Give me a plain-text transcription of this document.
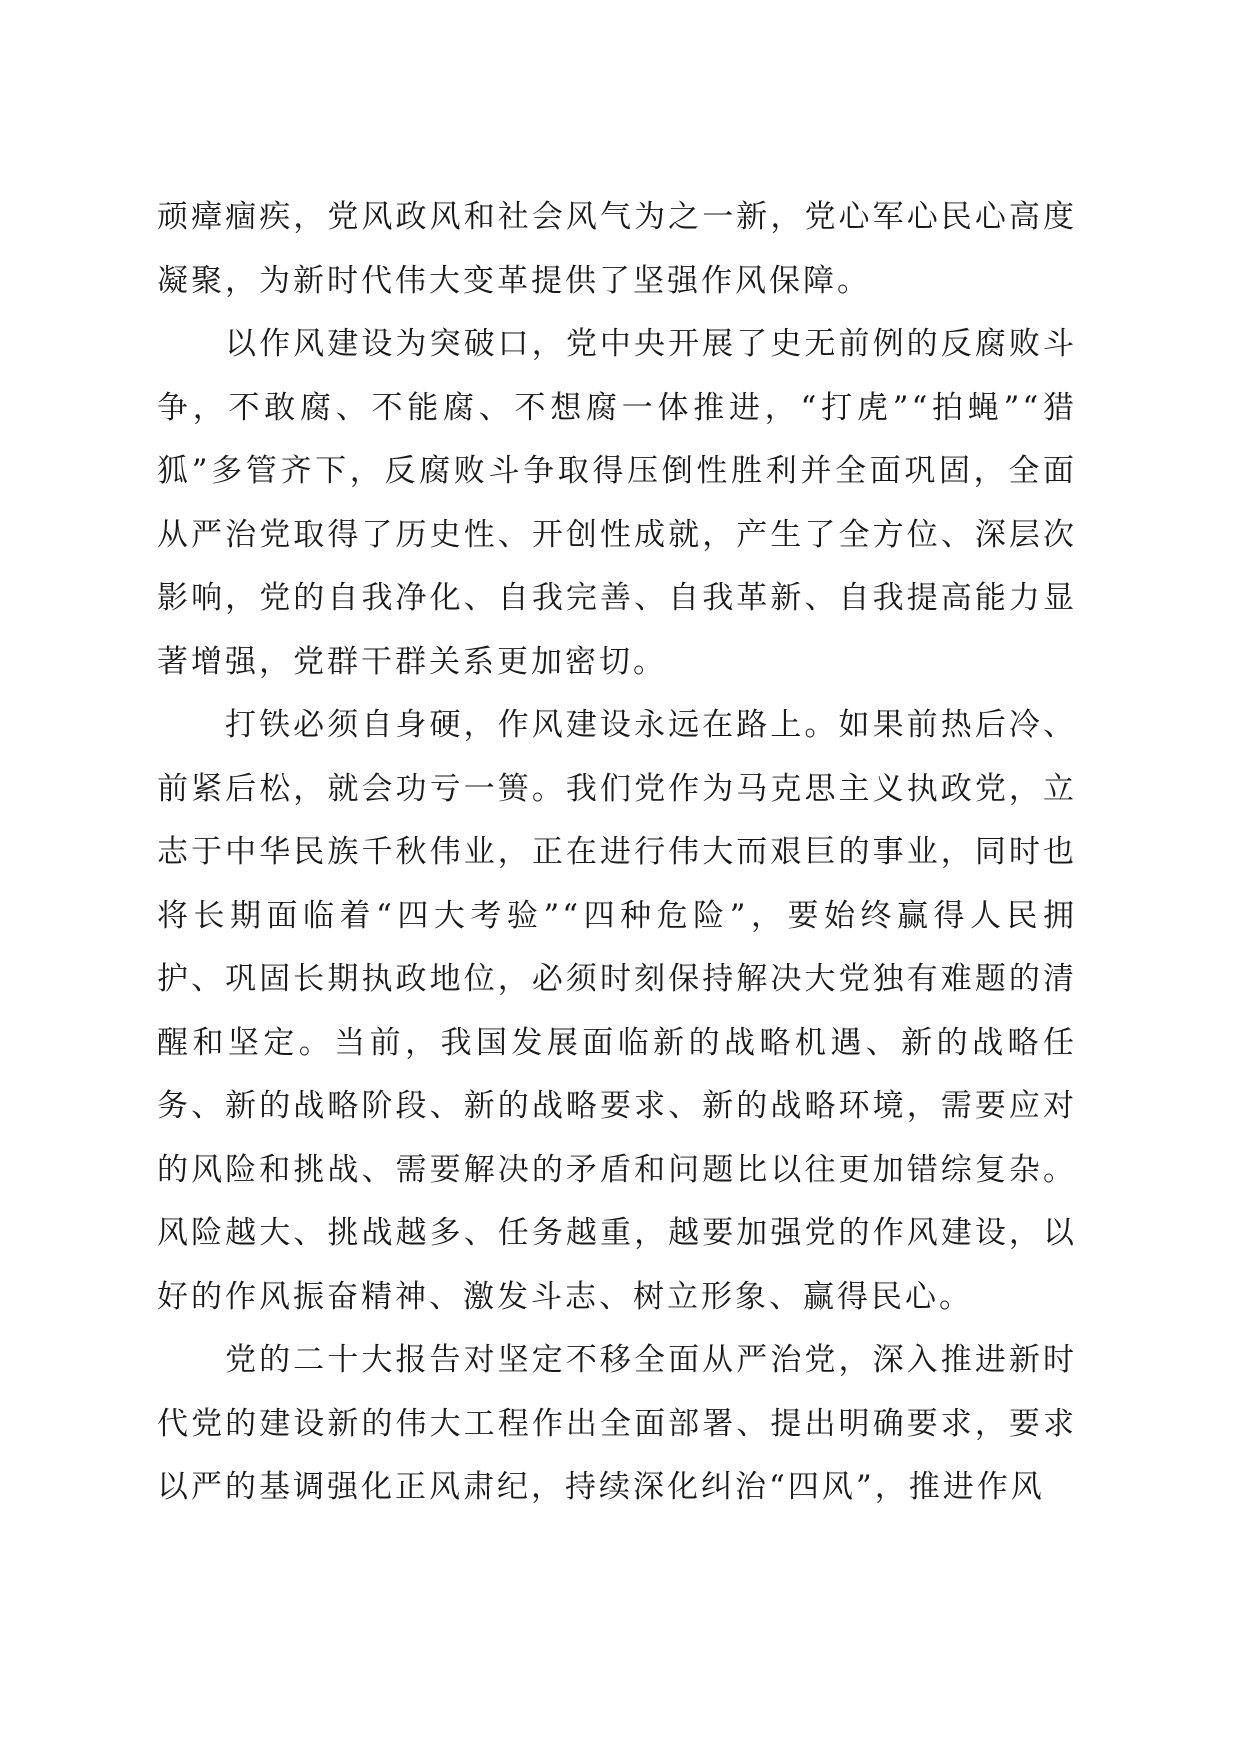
顽瘴痼疾，党风政风和社会风气为之一新，党心军心民心高度凝聚，为新时代伟大变革提供了坚强作风保障。

以作风建设为突破口，党中央开展了史无前例的反腐败斗争，不敢腐、不能腐、不想腐一体推进，“打虎”“拍蝇”“猎狐”多管齐下，反腐败斗争取得压倒性胜利并全面巩固，全面从严治党取得了历史性、开创性成就，产生了全方位、深层次影响，党的自我净化、自我完善、自我革新、自我提高能力显著增强，党群干群关系更加密切。

打铁必须自身硬，作风建设永远在路上。如果前热后冷、前紧后松，就会功亏一篑。我们党作为马克思主义执政党，立志于中华民族千秋伟业，正在进行伟大而艰巨的事业，同时也将长期面临着“四大考验”“四种危险”，要始终赢得人民拥护、巩固长期执政地位，必须时刻保持解决大党独有难题的清醒和坚定。当前，我国发展面临新的战略机遇、新的战略任务、新的战略阶段、新的战略要求、新的战略环境，需要应对的风险和挑战、需要解决的矛盾和问题比以往更加错综复杂。风险越大、挑战越多、任务越重，越要加强党的作风建设，以好的作风振奋精神、激发斗志、树立形象、赢得民心。

党的二十大报告对坚定不移全面从严治党，深入推进新时代党的建设新的伟大工程作出全面部署、提出明确要求，要求以严的基调强化正风肃纪，持续深化纠治“四风”，推进作风
